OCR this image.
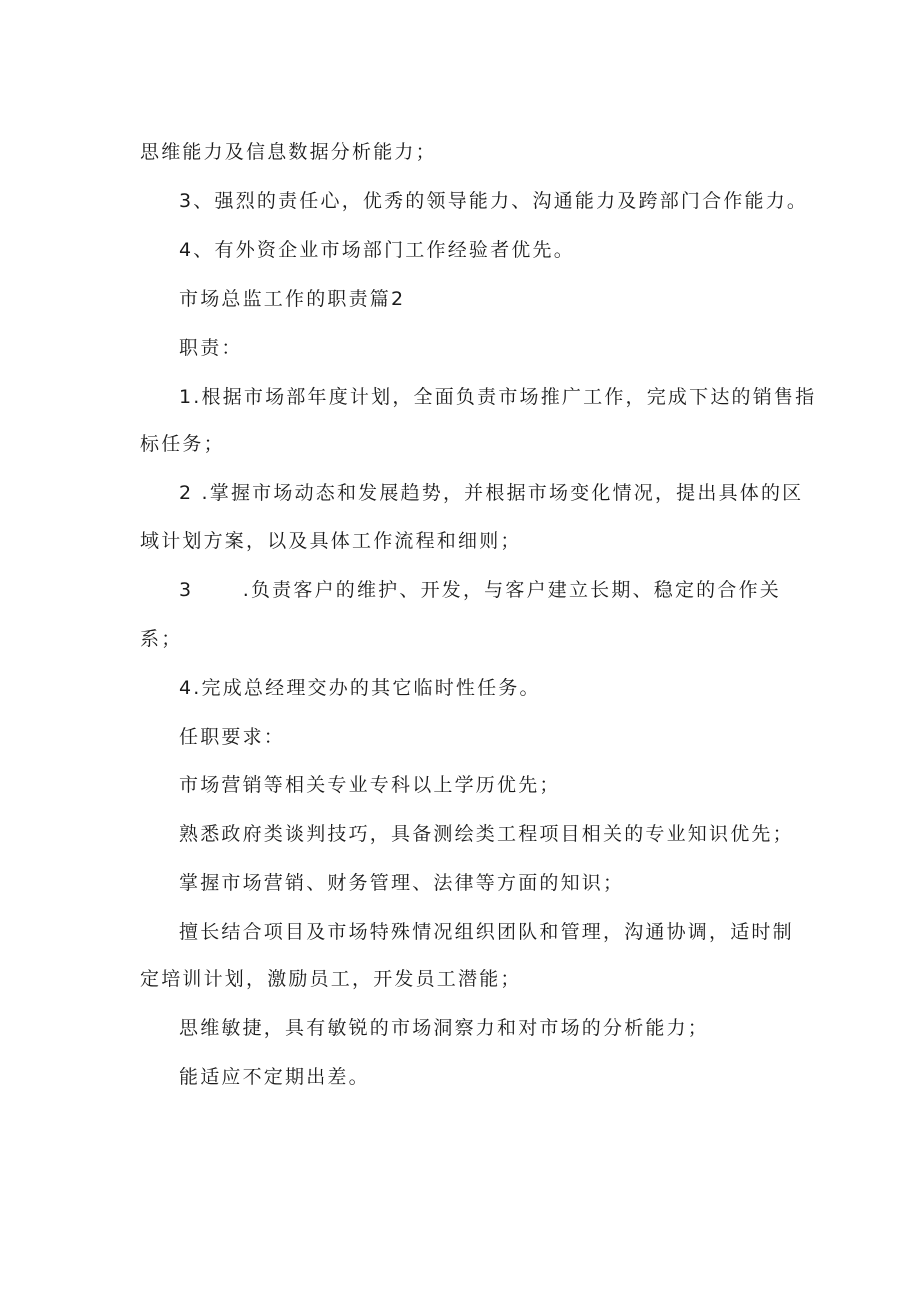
思维能力及信息数据分析能力；
3、强烈的责任心，优秀的领导能力、沟通能力及跨部门合作能力。
4、有外资企业市场部门工作经验者优先。
市场总监工作的职责篇2
职责：
1.根据市场部年度计划，全面负责市场推广工作，完成下达的销售指
标任务；
2 .掌握市场动态和发展趋势，并根据市场变化情况，提出具体的区
域计划方案，以及具体工作流程和细则；
3      .负责客户的维护、开发，与客户建立长期、稳定的合作关
系；
4.完成总经理交办的其它临时性任务。
任职要求：
市场营销等相关专业专科以上学历优先；
熟悉政府类谈判技巧，具备测绘类工程项目相关的专业知识优先；
掌握市场营销、财务管理、法律等方面的知识；
擅长结合项目及市场特殊情况组织团队和管理，沟通协调，适时制
定培训计划，激励员工，开发员工潜能；
思维敏捷，具有敏锐的市场洞察力和对市场的分析能力；
能适应不定期出差。
